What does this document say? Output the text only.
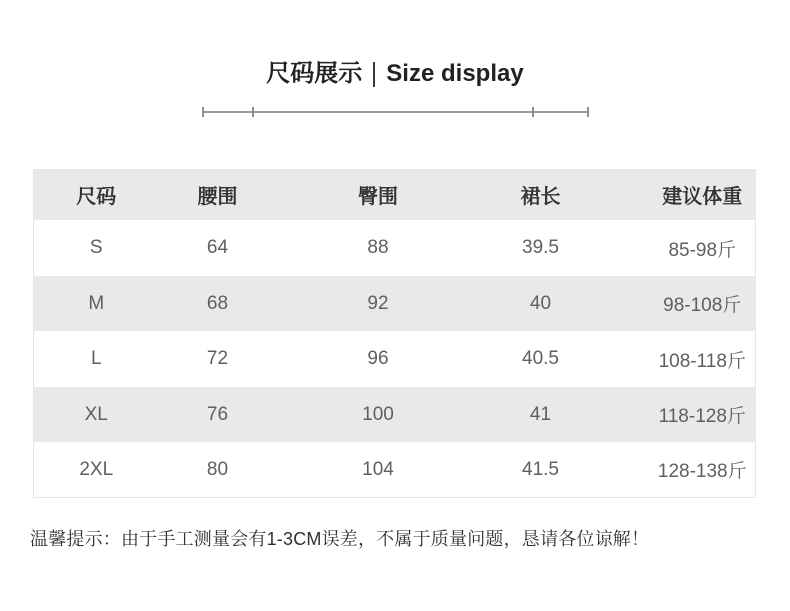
尺码展示 Size display
尺码	腰围	臀围	裙长	建议体重
S	64	88	39.5	85-98斤
M	68	92	40	98-108斤
L	72	96	40.5	108-118斤
XL	76	100	41	118-128斤
2XL	80	104	41.5	128-138斤
温馨提示：由于手工测量会有1-3CM误差，不属于质量问题，恳请各位谅解！
